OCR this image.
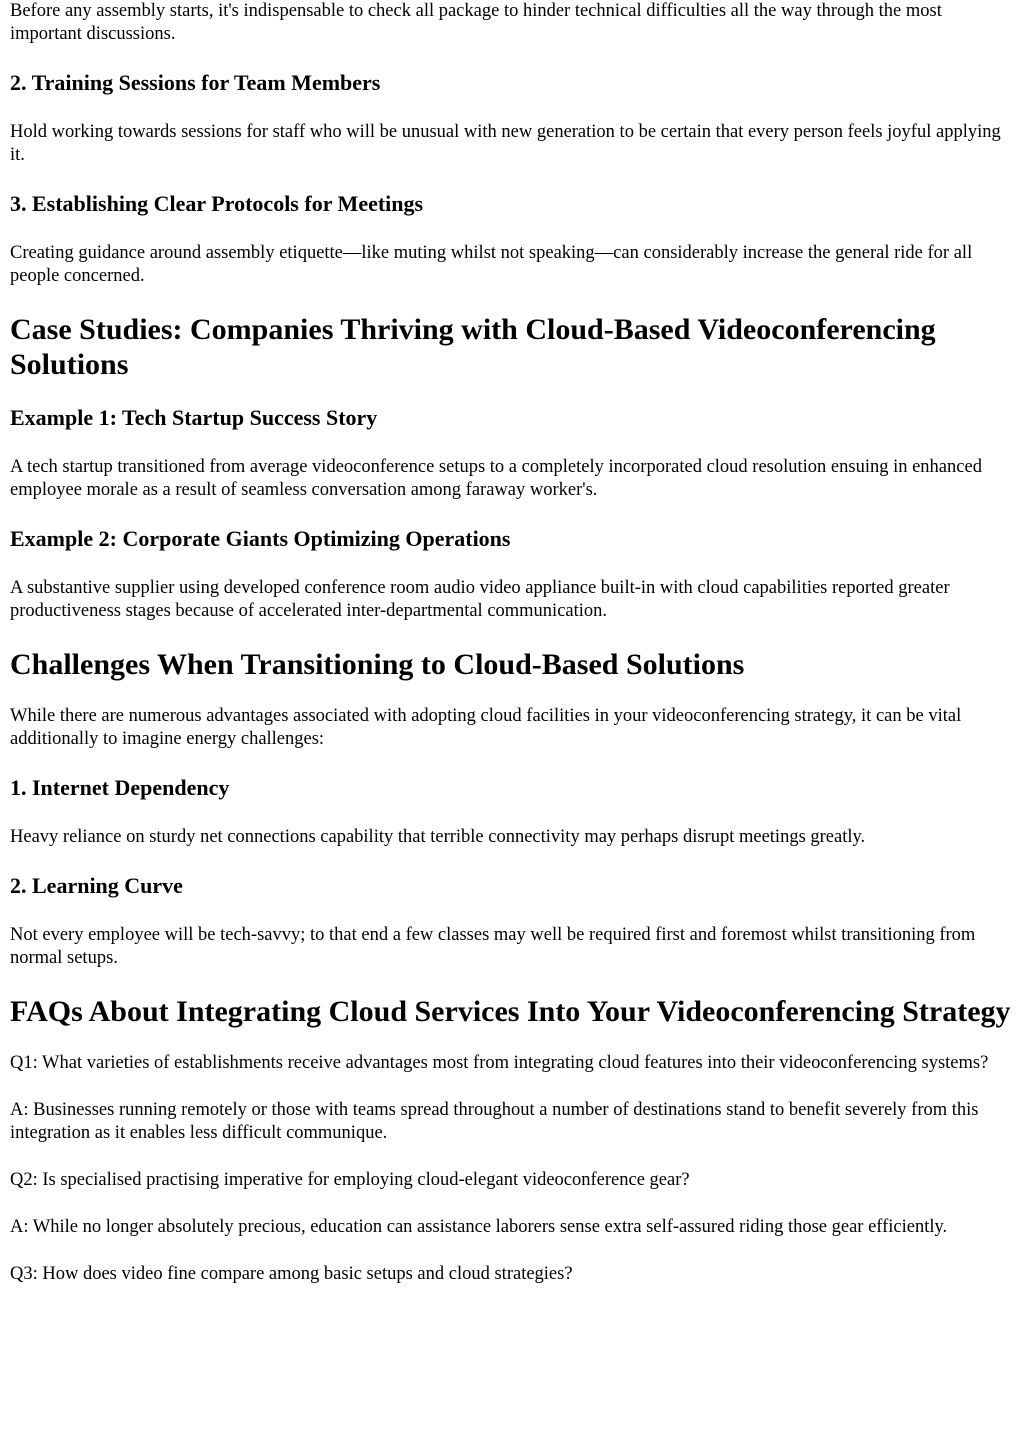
Before any assembly starts, it's indispensable to check all package to hinder technical difficulties all the way through the most important discussions.

2. Training Sessions for Team Members

Hold working towards sessions for staff who will be unusual with new generation to be certain that every person feels joyful applying it.

3. Establishing Clear Protocols for Meetings

Creating guidance around assembly etiquette—like muting whilst not speaking—can considerably increase the general ride for all people concerned.

Case Studies: Companies Thriving with Cloud-Based Videoconferencing Solutions
Example 1: Tech Startup Success Story

A tech startup transitioned from average videoconference setups to a completely incorporated cloud resolution ensuing in enhanced employee morale as a result of seamless conversation among faraway worker's.

Example 2: Corporate Giants Optimizing Operations

A substantive supplier using developed conference room audio video appliance built-in with cloud capabilities reported greater productiveness stages because of accelerated inter-departmental communication.

Challenges When Transitioning to Cloud-Based Solutions

While there are numerous advantages associated with adopting cloud facilities in your videoconferencing strategy, it can be vital additionally to imagine energy challenges:

1. Internet Dependency

Heavy reliance on sturdy net connections capability that terrible connectivity may perhaps disrupt meetings greatly.

2. Learning Curve

Not every employee will be tech-savvy; to that end a few classes may well be required first and foremost whilst transitioning from normal setups.

FAQs About Integrating Cloud Services Into Your Videoconferencing Strategy

Q1: What varieties of establishments receive advantages most from integrating cloud features into their videoconferencing systems?

A: Businesses running remotely or those with teams spread throughout a number of destinations stand to benefit severely from this integration as it enables less difficult communique.

Q2: Is specialised practising imperative for employing cloud-elegant videoconference gear?

A: While no longer absolutely precious, education can assistance laborers sense extra self-assured riding those gear efficiently.

Q3: How does video fine compare among basic setups and cloud strategies?
